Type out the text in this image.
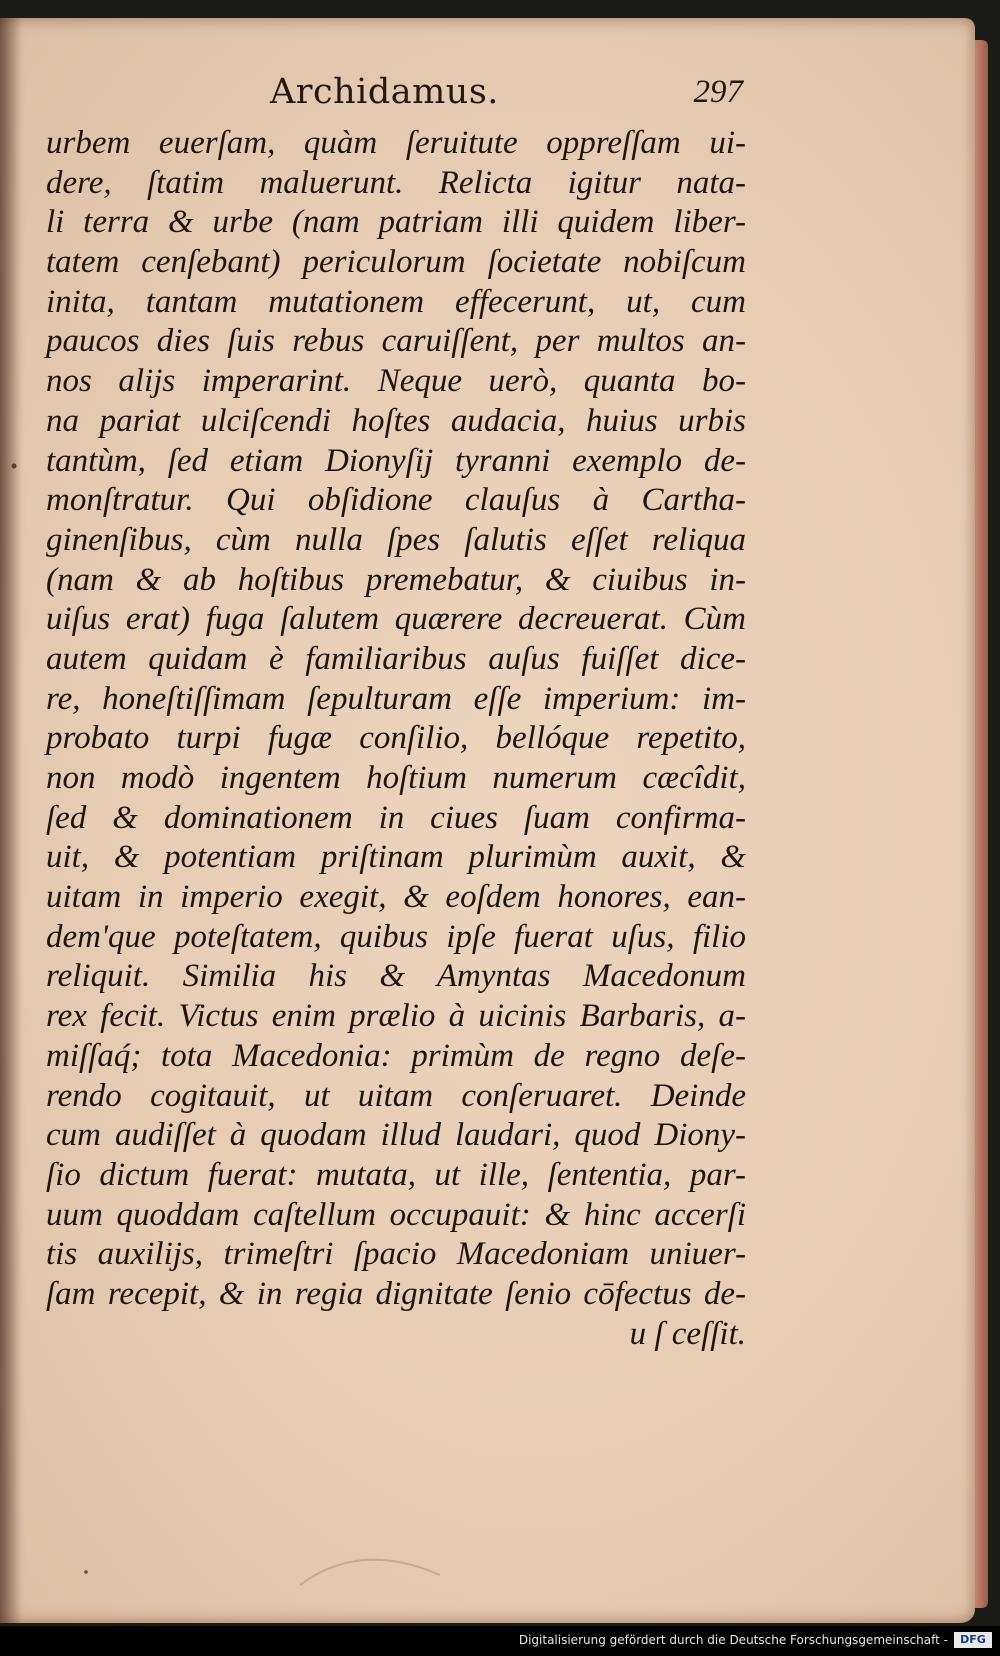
Archidamus.	297
urbem euerſam, quàm ſeruitute oppreſſam ui-
dere, ſtatim maluerunt. Relicta igitur nata-
li terra & urbe (nam patriam illi quidem liber-
tatem cenſebant) periculorum ſocietate nobiſcum
inita, tantam mutationem effecerunt, ut, cum
paucos dies ſuis rebus caruiſſent, per multos an-
nos alijs imperarint. Neque uerò, quanta bo-
na pariat ulciſcendi hoſtes audacia, huius urbis
tantùm, ſed etiam Dionyſij tyranni exemplo de-
monſtratur. Qui obſidione clauſus à Cartha-
ginenſibus, cùm nulla ſpes ſalutis eſſet reliqua
(nam & ab hoſtibus premebatur, & ciuibus in-
uiſus erat) fuga ſalutem quærere decreuerat. Cùm
autem quidam è familiaribus auſus fuiſſet dice-
re, honeſtiſſimam ſepulturam eſſe imperium: im-
probato turpi fugæ conſilio, bellóque repetito,
non modò ingentem hoſtium numerum cæcîdit,
ſed & dominationem in ciues ſuam confirma-
uit, & potentiam priſtinam plurimùm auxit, &
uitam in imperio exegit, & eoſdem honores, ean-
dem'que poteſtatem, quibus ipſe fuerat uſus, filio
reliquit. Similia his & Amyntas Macedonum
rex fecit. Victus enim prælio à uicinis Barbaris, a-
miſſaq́; tota Macedonia: primùm de regno deſe-
rendo cogitauit, ut uitam conſeruaret. Deinde
cum audiſſet à quodam illud laudari, quod Diony-
ſio dictum fuerat: mutata, ut ille, ſententia, par-
uum quoddam caſtellum occupauit: & hinc accerſi
tis auxilijs, trimeſtri ſpacio Macedoniam uniuer-
ſam recepit, & in regia dignitate ſenio cōfectus de-
u ſ ceſſit.
Digitalisierung gefördert durch die Deutsche Forschungsgemeinschaft -	DFG
